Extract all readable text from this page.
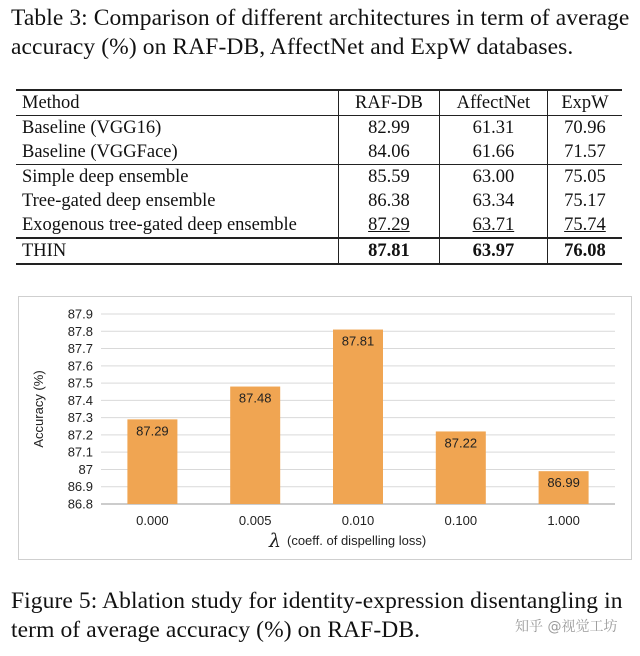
Table 3: Comparison of different architectures in term of average accuracy (%) on RAF-DB, AffectNet and ExpW databases.
Method	RAF-DB	AffectNet	ExpW
Baseline (VGG16)	82.99	61.31	70.96
Baseline (VGGFace)	84.06	61.66	71.57
Simple deep ensemble	85.59	63.00	75.05
Tree-gated deep ensemble	86.38	63.34	75.17
Exogenous tree-gated deep ensemble	87.29	63.71	75.74
THIN	87.81	63.97	76.08
86.8
86.9
87
87.1
87.2
87.3
87.4
87.5
87.6
87.7
87.8
87.9
87.29
0.000
87.48
0.005
87.81
0.010
87.22
0.100
86.99
1.000
Accuracy (%)
λ (coeff. of dispelling loss)
Figure 5: Ablation study for identity-expression disentangling in term of average accuracy (%) on RAF-DB.	知乎 @视觉工坊
